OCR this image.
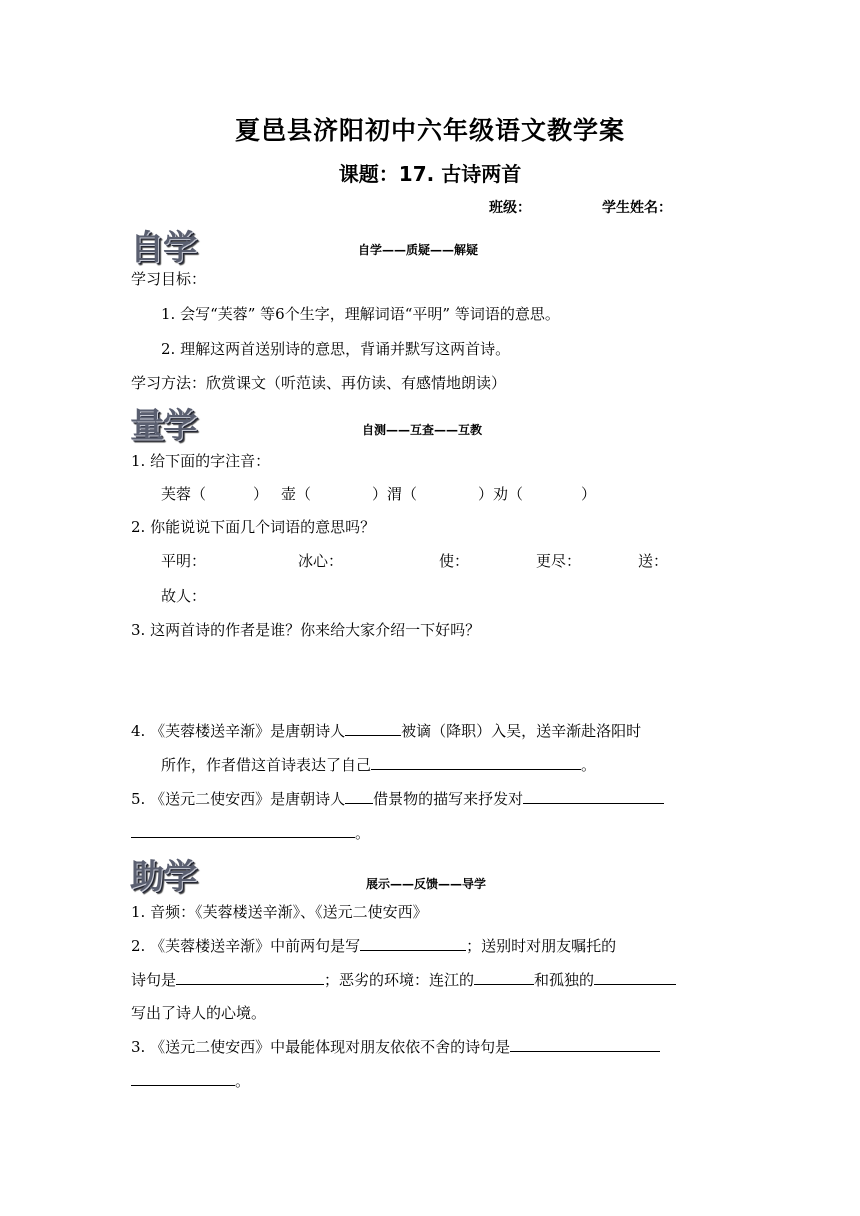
夏邑县济阳初中六年级语文教学案
课题：17. 古诗两首
班级：	学生姓名：
自学	自学——质疑——解疑
学习目标：
1. 会写“芙蓉” 等6个生字，理解词语“平明” 等词语的意思。
2. 理解这两首送别诗的意思，背诵并默写这两首诗。
学习方法：欣赏课文（听范读、再仿读、有感情地朗读）
量学	自测——互查——互教
1. 给下面的字注音：
芙蓉（	） 壶（	）渭（	）劝（	）
2. 你能说说下面几个词语的意思吗？
平明：	冰心：	使：	更尽：	送：
故人：
3. 这两首诗的作者是谁？你来给大家介绍一下好吗？
4. 《芙蓉楼送辛渐》是唐朝诗人	被谪（降职）入吴，送辛渐赴洛阳时
所作，作者借这首诗表达了自己	。
5. 《送元二使安西》是唐朝诗人 借景物的描写来抒发对
。
助学	展示——反馈——导学
1. 音频：《芙蓉楼送辛渐》、《送元二使安西》
2. 《芙蓉楼送辛渐》中前两句是写	；送别时对朋友嘱托的
诗句是	；恶劣的环境：连江的	和孤独的
写出了诗人的心境。
3. 《送元二使安西》中最能体现对朋友依依不舍的诗句是
。
